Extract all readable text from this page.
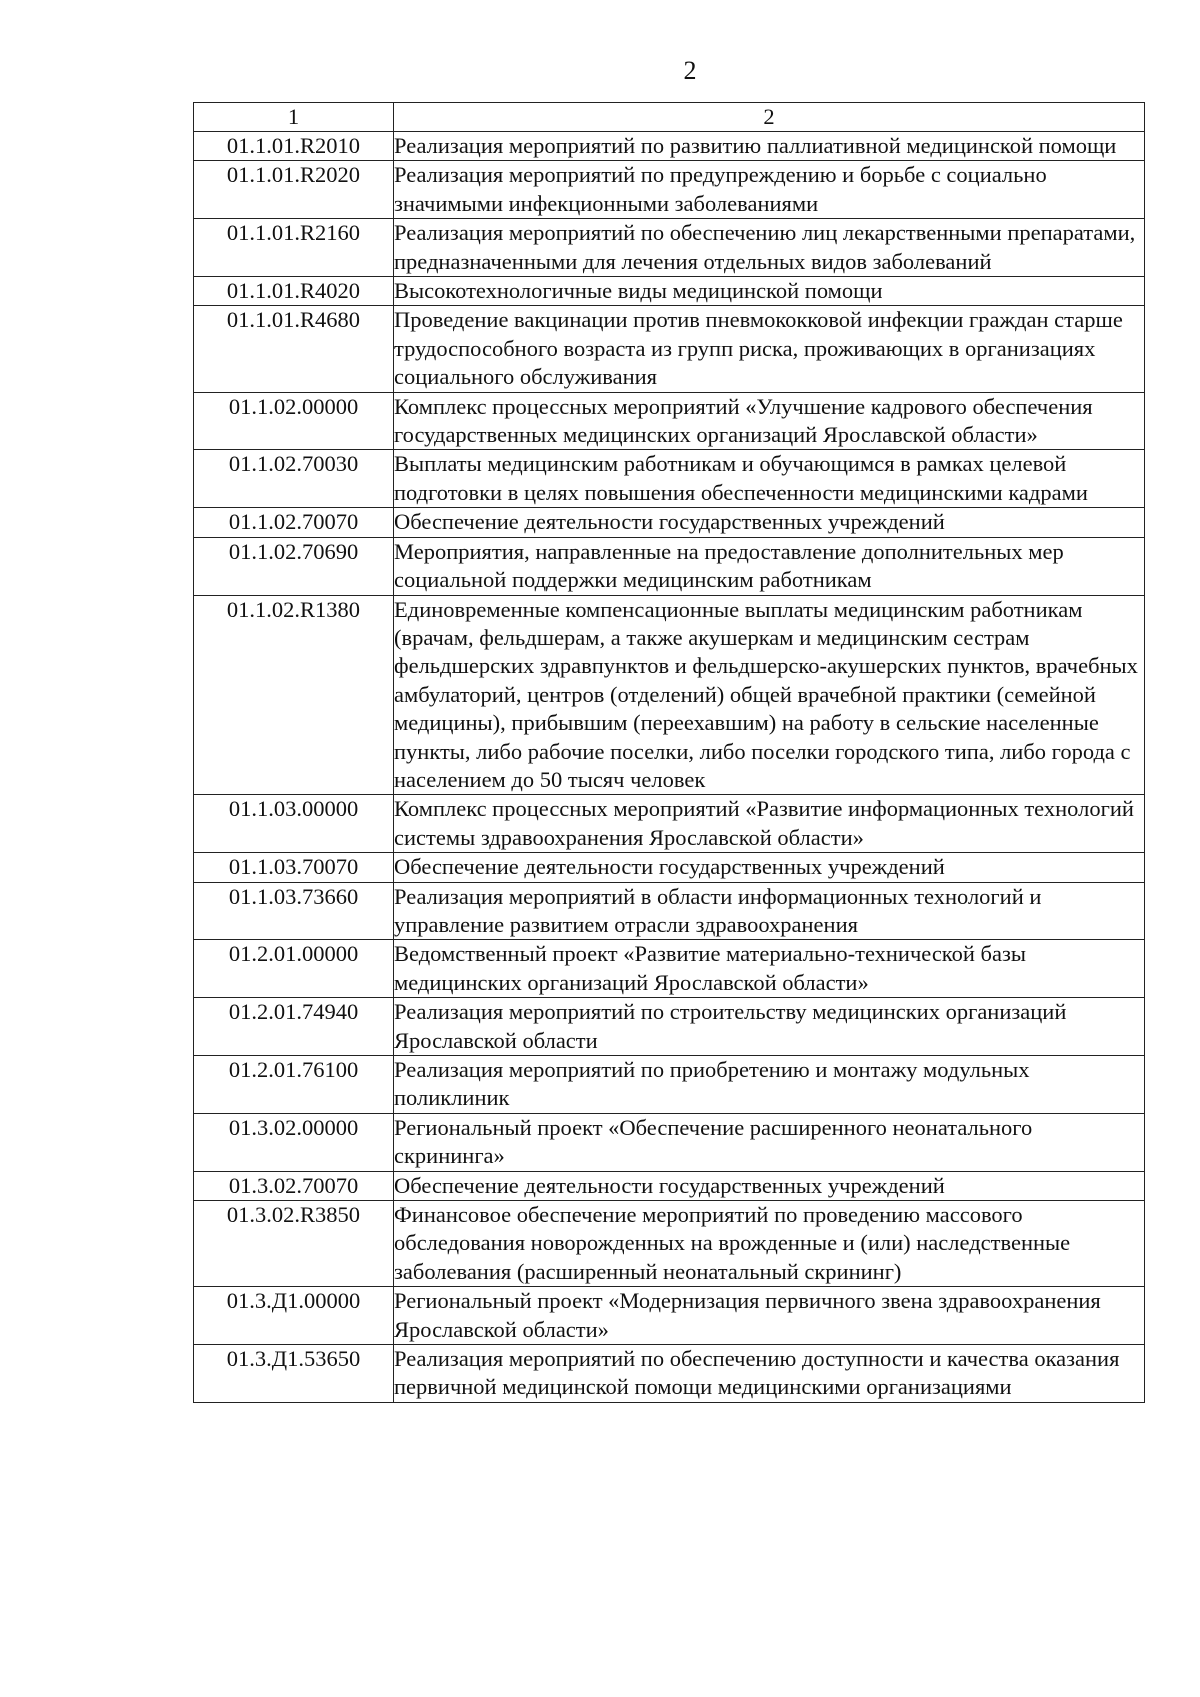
2
1	2
01.1.01.R2010	Реализация мероприятий по развитию паллиативной медицинской помощи
01.1.01.R2020	Реализация мероприятий по предупреждению и борьбе с социально значимыми инфекционными заболеваниями
01.1.01.R2160	Реализация мероприятий по обеспечению лиц лекарственными препаратами, предназначенными для лечения отдельных видов заболеваний
01.1.01.R4020	Высокотехнологичные виды медицинской помощи
01.1.01.R4680	Проведение вакцинации против пневмококковой инфекции граждан старше трудоспособного возраста из групп риска, проживающих в организациях социального обслуживания
01.1.02.00000	Комплекс процессных мероприятий «Улучшение кадрового обеспечения государственных медицинских организаций Ярославской области»
01.1.02.70030	Выплаты медицинским работникам и обучающимся в рамках целевой подготовки в целях повышения обеспеченности медицинскими кадрами
01.1.02.70070	Обеспечение деятельности государственных учреждений
01.1.02.70690	Мероприятия, направленные на предоставление дополнительных мер социальной поддержки медицинским работникам
01.1.02.R1380	Единовременные компенсационные выплаты медицинским работникам (врачам, фельдшерам, а также акушеркам и медицинским сестрам фельдшерских здравпунктов и фельдшерско-акушерских пунктов, врачебных амбулаторий, центров (отделений) общей врачебной практики (семейной медицины), прибывшим (переехавшим) на работу в сельские населенные пункты, либо рабочие поселки, либо поселки городского типа, либо города с населением до 50 тысяч человек
01.1.03.00000	Комплекс процессных мероприятий «Развитие информационных технологий системы здравоохранения Ярославской области»
01.1.03.70070	Обеспечение деятельности государственных учреждений
01.1.03.73660	Реализация мероприятий в области информационных технологий и управление развитием отрасли здравоохранения
01.2.01.00000	Ведомственный проект «Развитие материально-технической базы медицинских организаций Ярославской области»
01.2.01.74940	Реализация мероприятий по строительству медицинских организаций Ярославской области
01.2.01.76100	Реализация мероприятий по приобретению и монтажу модульных поликлиник
01.3.02.00000	Региональный проект «Обеспечение расширенного неонатального скрининга»
01.3.02.70070	Обеспечение деятельности государственных учреждений
01.3.02.R3850	Финансовое обеспечение мероприятий по проведению массового обследования новорожденных на врожденные и (или) наследственные заболевания (расширенный неонатальный скрининг)
01.3.Д1.00000	Региональный проект «Модернизация первичного звена здравоохранения Ярославской области»
01.3.Д1.53650	Реализация мероприятий по обеспечению доступности и качества оказания первичной медицинской помощи медицинскими организациями
